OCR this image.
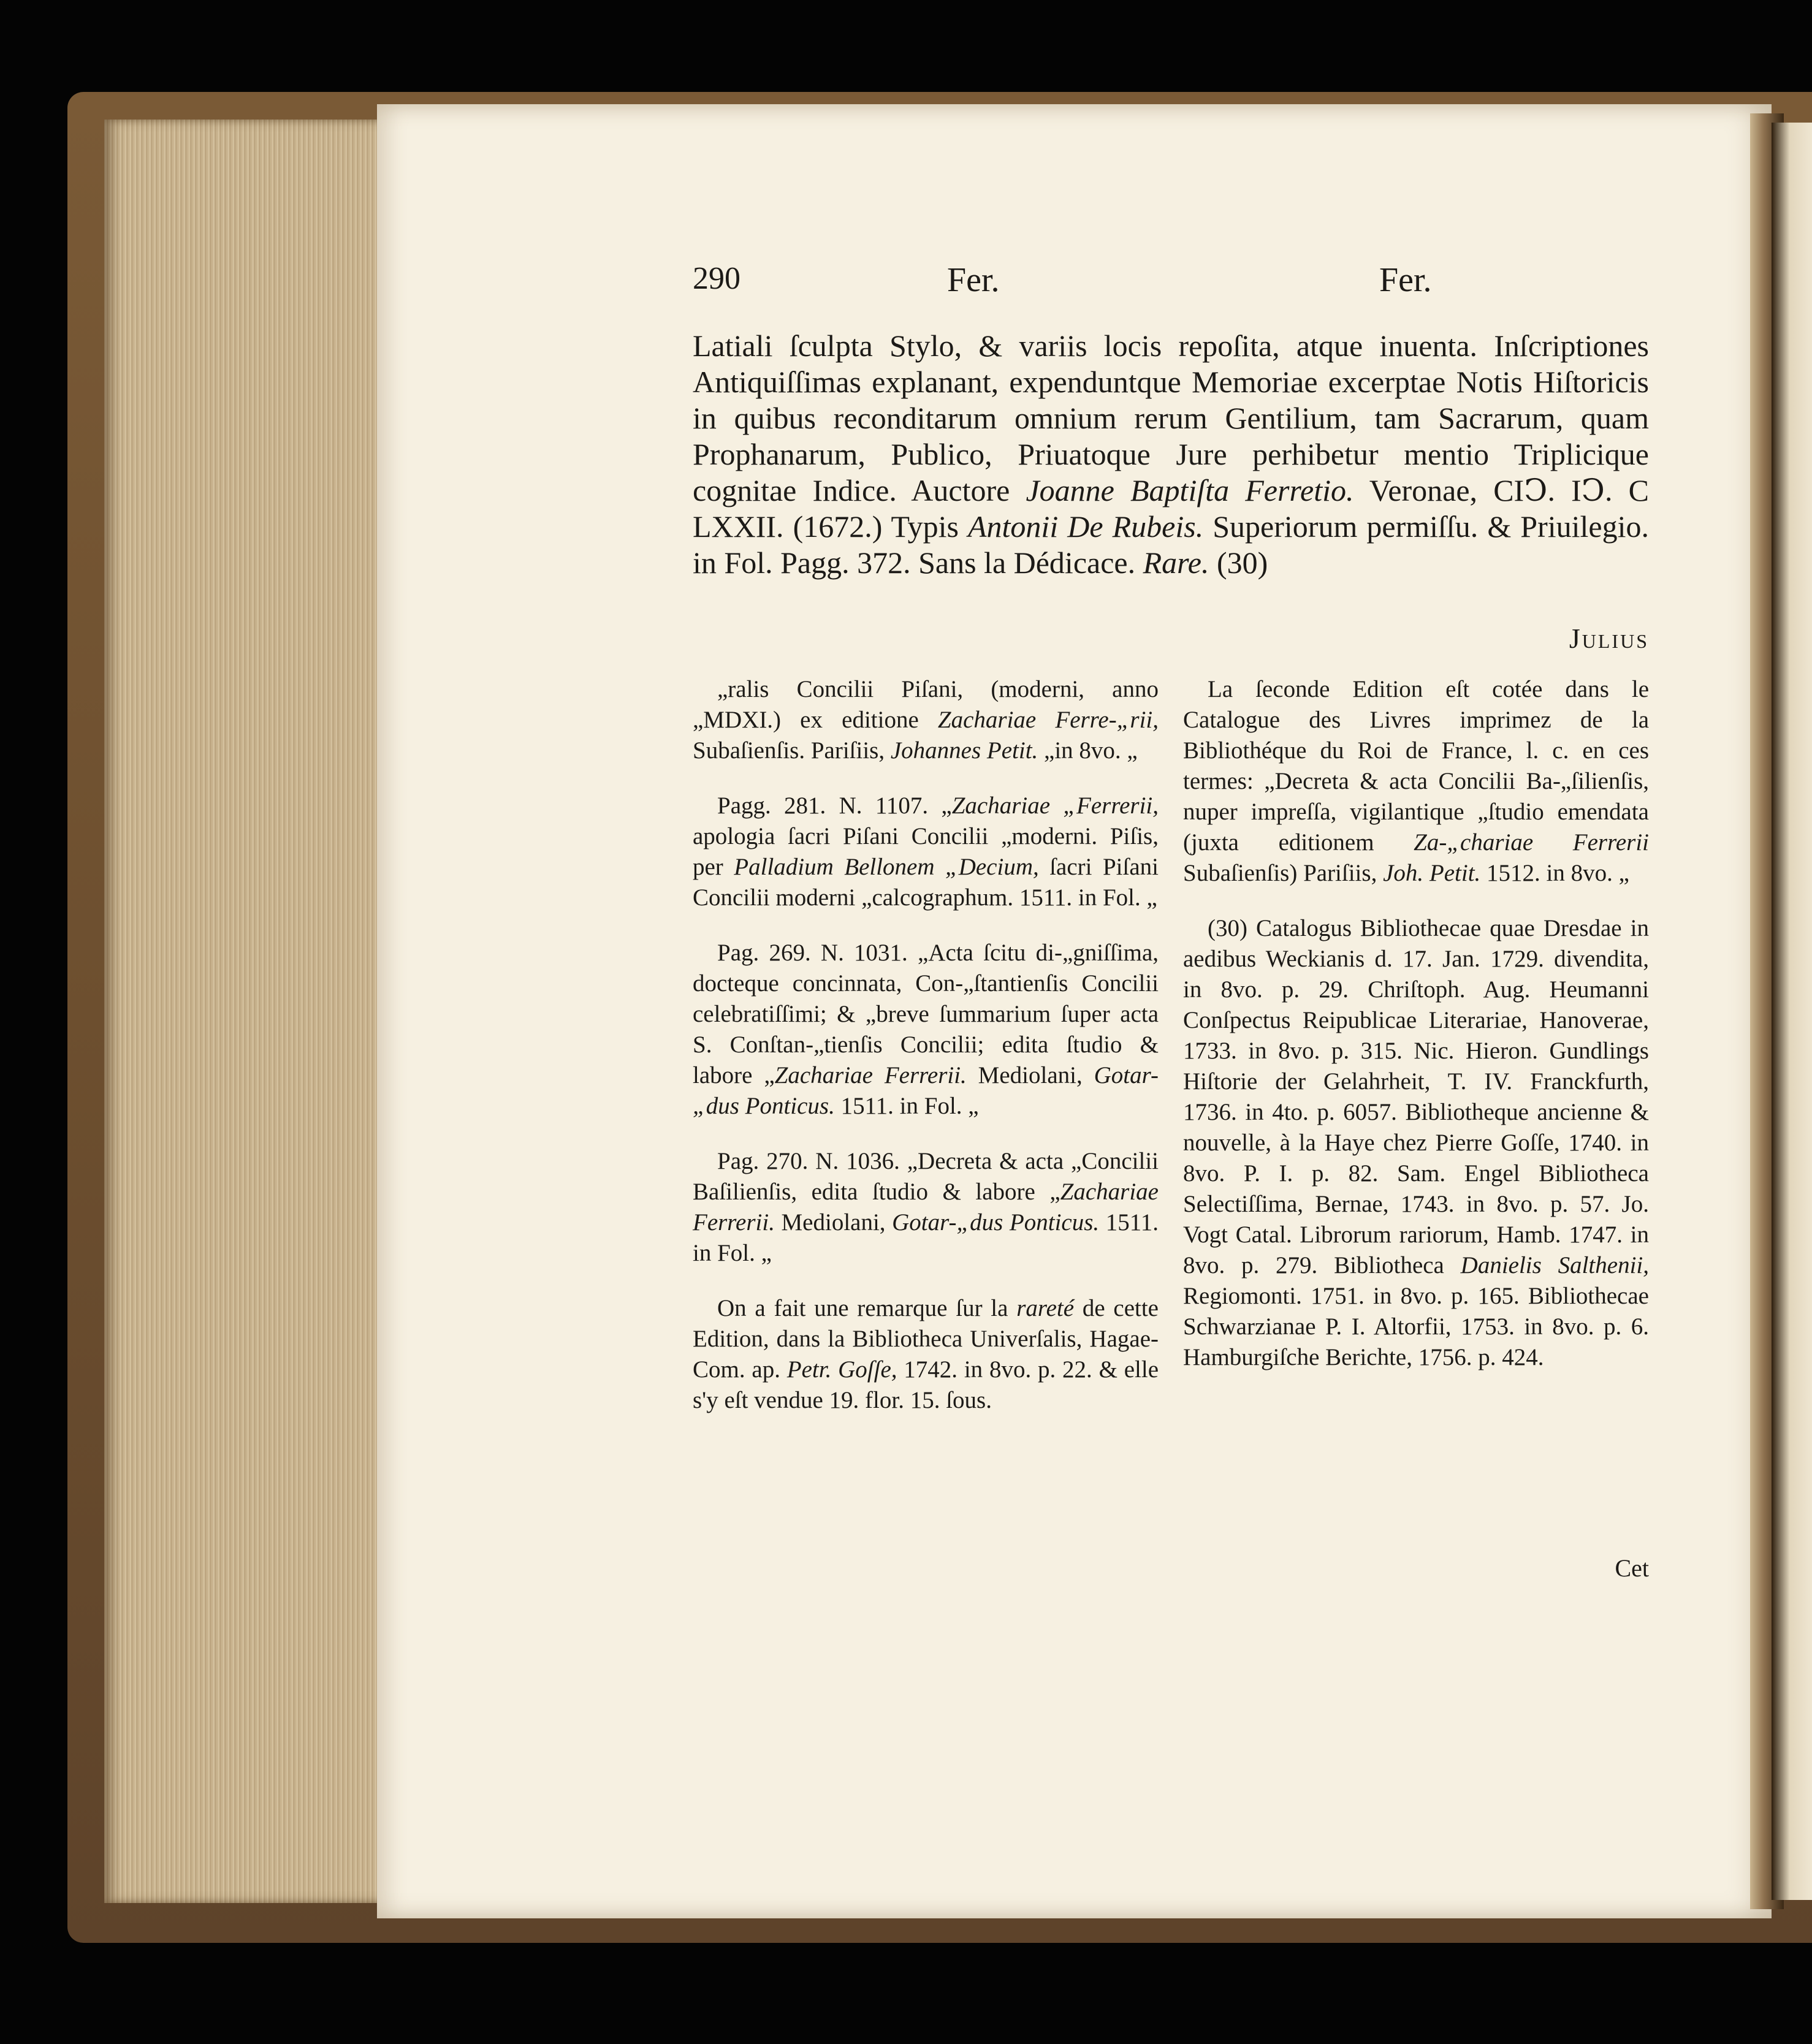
290	Fer.	Fer.
Latiali ſculpta Stylo, & variis locis repoſita, atque inuenta. Inſcriptiones Antiquiſſimas explanant, expenduntque Memoriae excerptae Notis Hiſtoricis in quibus reconditarum omnium rerum Gentilium, tam Sacrarum, quam Prophanarum, Publico, Priuatoque Jure perhibetur mentio Triplicique cognitae Indice. Auctore Joanne Baptiſta Ferretio. Veronae, CIↃ. IↃ. C LXXII. (1672.) Typis Antonii De Rubeis. Superiorum permiſſu. & Priuilegio. in Fol. Pagg. 372. Sans la Dédicace. Rare. (30)
Julius

„ralis Concilii Piſani, (moderni, anno „MDXI.) ex editione Zachariae Ferre-„rii, Subaſienſis. Pariſiis, Johannes Petit. „in 8vo. „

Pagg. 281. N. 1107. „Zachariae „Ferrerii, apologia ſacri Piſani Concilii „moderni. Piſis, per Palladium Bellonem „Decium, ſacri Piſani Concilii moderni „calcographum. 1511. in Fol. „

Pag. 269. N. 1031. „Acta ſcitu di-„gniſſima, docteque concinnata, Con-„ſtantienſis Concilii celebratiſſimi; & „breve ſummarium ſuper acta S. Conſtan-„tienſis Concilii; edita ſtudio & labore „Zachariae Ferrerii. Mediolani, Gotar-„dus Ponticus. 1511. in Fol. „

Pag. 270. N. 1036. „Decreta & acta „Concilii Baſilienſis, edita ſtudio & labore „Zachariae Ferrerii. Mediolani, Gotar-„dus Ponticus. 1511. in Fol. „

On a fait une remarque ſur la rareté de cette Edition, dans la Bibliotheca Univerſalis, Hagae-Com. ap. Petr. Goſſe, 1742. in 8vo. p. 22. & elle s'y eſt vendue 19. flor. 15. ſous.

La ſeconde Edition eſt cotée dans le Catalogue des Livres imprimez de la Bibliothéque du Roi de France, l. c. en ces termes: „Decreta & acta Concilii Ba-„ſilienſis, nuper impreſſa, vigilantique „ſtudio emendata (juxta editionem Za-„chariae Ferrerii Subaſienſis) Pariſiis, Joh. Petit. 1512. in 8vo. „

(30) Catalogus Bibliothecae quae Dresdae in aedibus Weckianis d. 17. Jan. 1729. divendita, in 8vo. p. 29. Chriſtoph. Aug. Heumanni Conſpectus Reipublicae Literariae, Hanoverae, 1733. in 8vo. p. 315. Nic. Hieron. Gundlings Hiſtorie der Gelahrheit, T. IV. Franckfurth, 1736. in 4to. p. 6057. Bibliotheque ancienne & nouvelle, à la Haye chez Pierre Goſſe, 1740. in 8vo. P. I. p. 82. Sam. Engel Bibliotheca Selectiſſima, Bernae, 1743. in 8vo. p. 57. Jo. Vogt Catal. Librorum rariorum, Hamb. 1747. in 8vo. p. 279. Bibliotheca Danielis Salthenii, Regiomonti. 1751. in 8vo. p. 165. Bibliothecae Schwarzianae P. I. Altorfii, 1753. in 8vo. p. 6. Hamburgiſche Berichte, 1756. p. 424.

Cet
